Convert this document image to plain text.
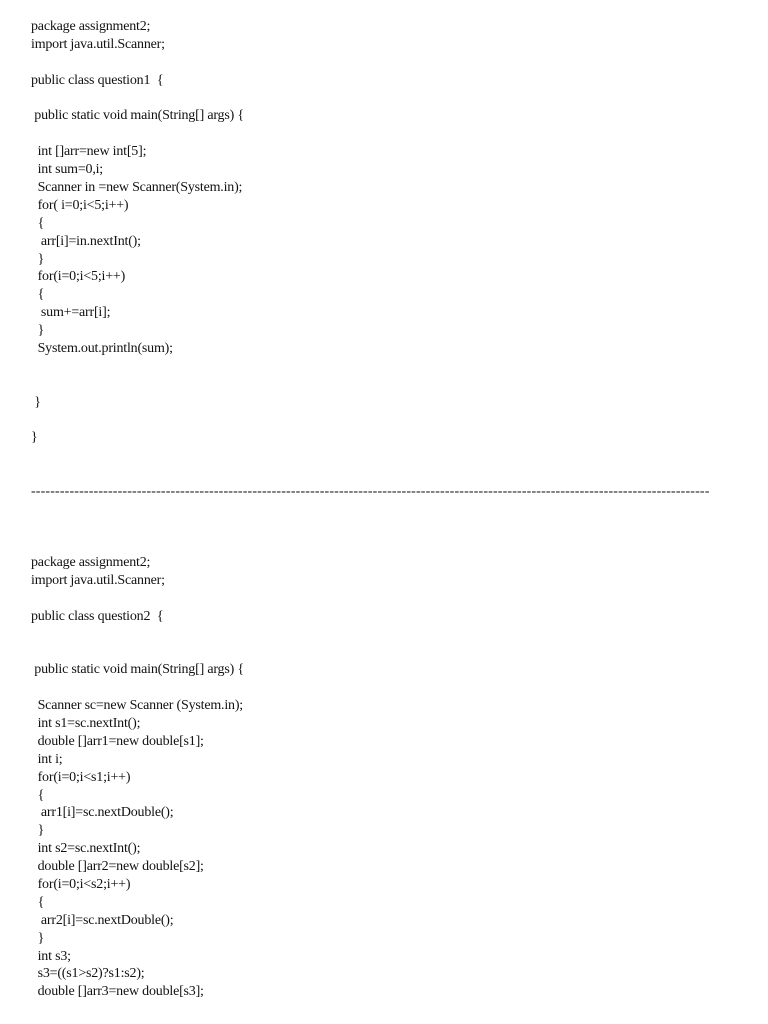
package assignment2;
import java.util.Scanner;
public class question1  {
public static void main(String[] args) {
int []arr=new int[5];
int sum=0,i;
Scanner in =new Scanner(System.in);
for( i=0;i<5;i++)
{
arr[i]=in.nextInt();
}
for(i=0;i<5;i++)
{
sum+=arr[i];
}
System.out.println(sum);
}
}
---------------------------------------------------------------------------------------------------------------------------------------------
package assignment2;
import java.util.Scanner;
public class question2  {
public static void main(String[] args) {
Scanner sc=new Scanner (System.in);
int s1=sc.nextInt();
double []arr1=new double[s1];
int i;
for(i=0;i<s1;i++)
{
arr1[i]=sc.nextDouble();
}
int s2=sc.nextInt();
double []arr2=new double[s2];
for(i=0;i<s2;i++)
{
arr2[i]=sc.nextDouble();
}
int s3;
s3=((s1>s2)?s1:s2);
double []arr3=new double[s3];
